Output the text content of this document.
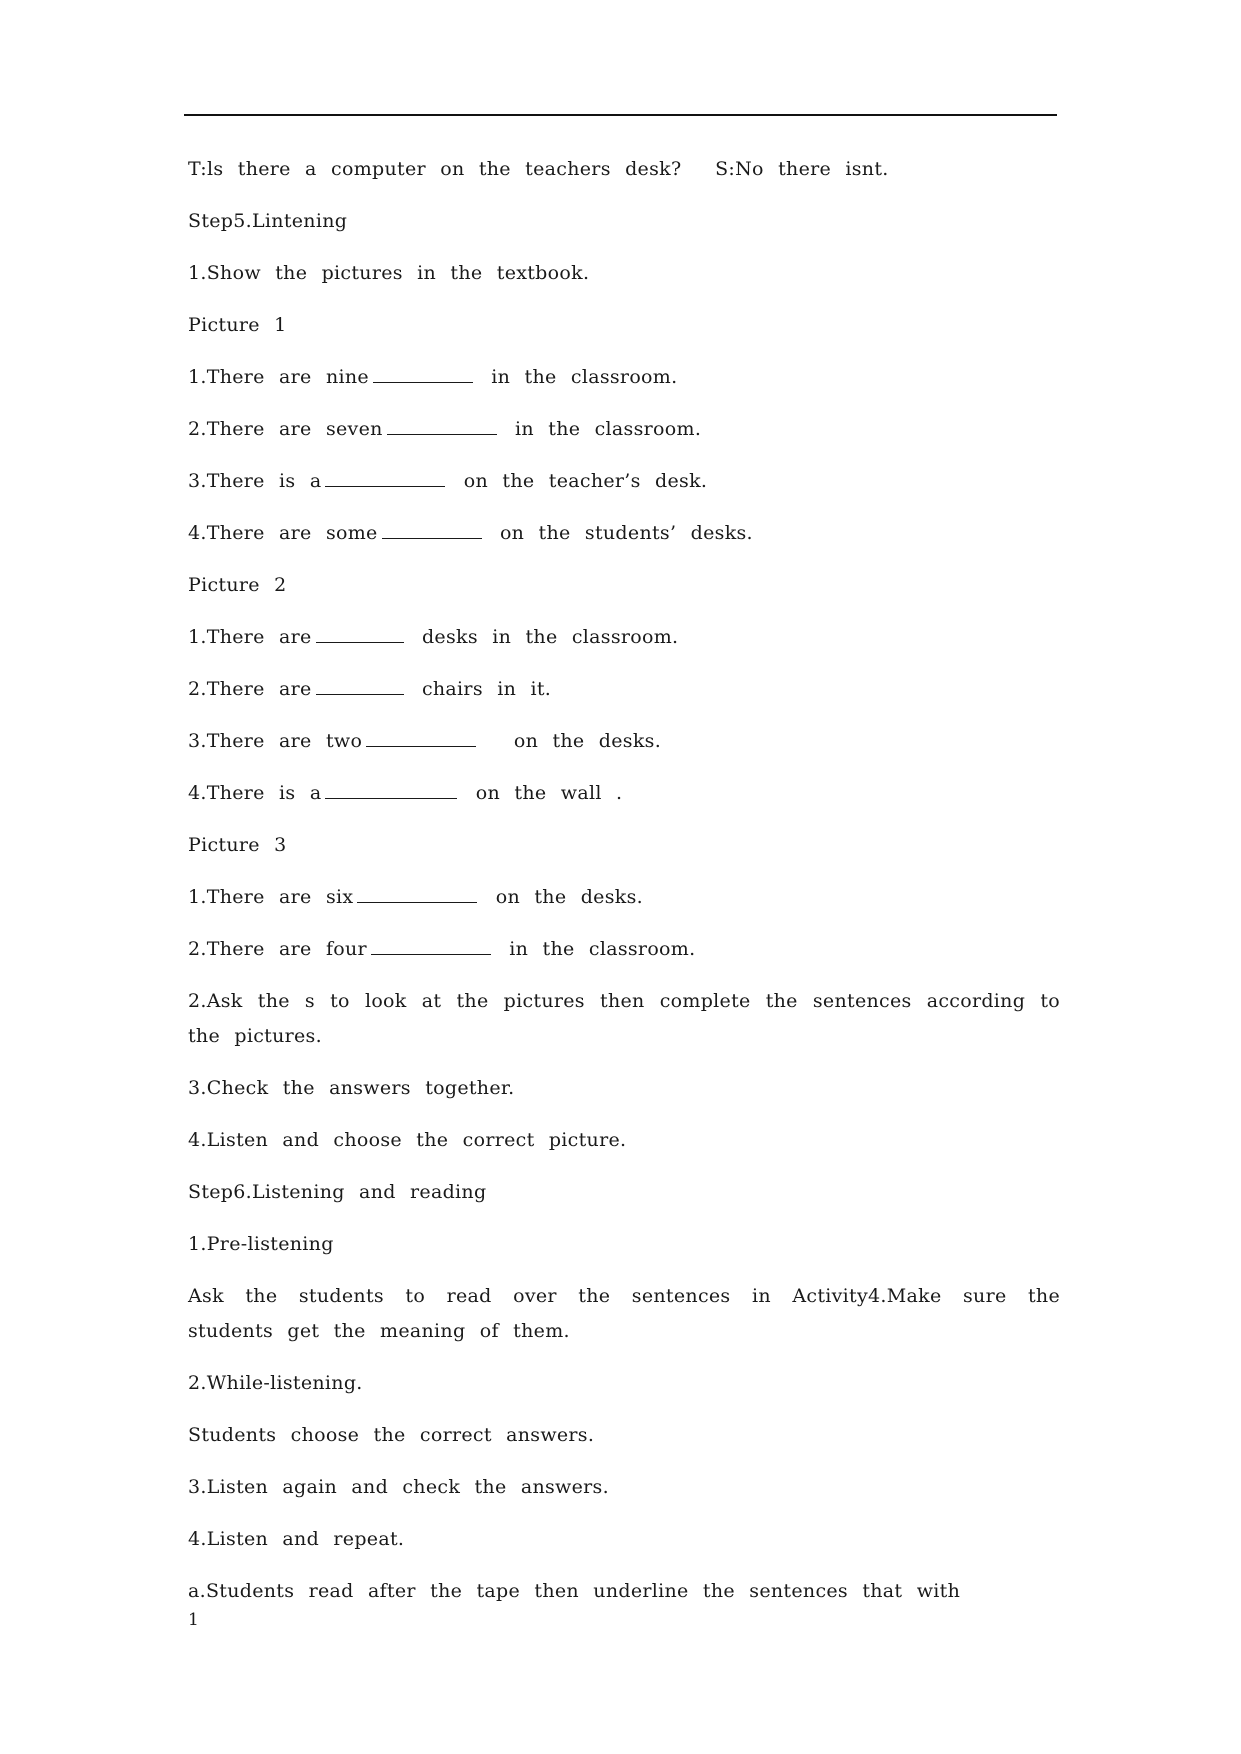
T:ls there a computer on the teachers desk?　 S:No there isnt.
Step5.Lintening
1.Show the pictures in the textbook.
Picture 1
1.There are nine	in the classroom.
2.There are seven	in the classroom.
3.There is a	on the teacher’s desk.
4.There are some	on the students’ desks.
Picture 2
1.There are	desks in the classroom.
2.There are	chairs in it.
3.There are two　	on the desks.
4.There is a	on the wall .
Picture 3
1.There are six	on the desks.
2.There are four	in the classroom.
2.Ask the s to look at the pictures then complete the sentences according to the pictures.
3.Check the answers together.
4.Listen and choose the correct picture.
Step6.Listening and reading
1.Pre-listening
Ask the students to read over the sentences in Activity4.Make sure the students get the meaning of them.
2.While-listening.
Students choose the correct answers.
3.Listen again and check the answers.
4.Listen and repeat.
a.Students read after the tape then underline the sentences that with
1
